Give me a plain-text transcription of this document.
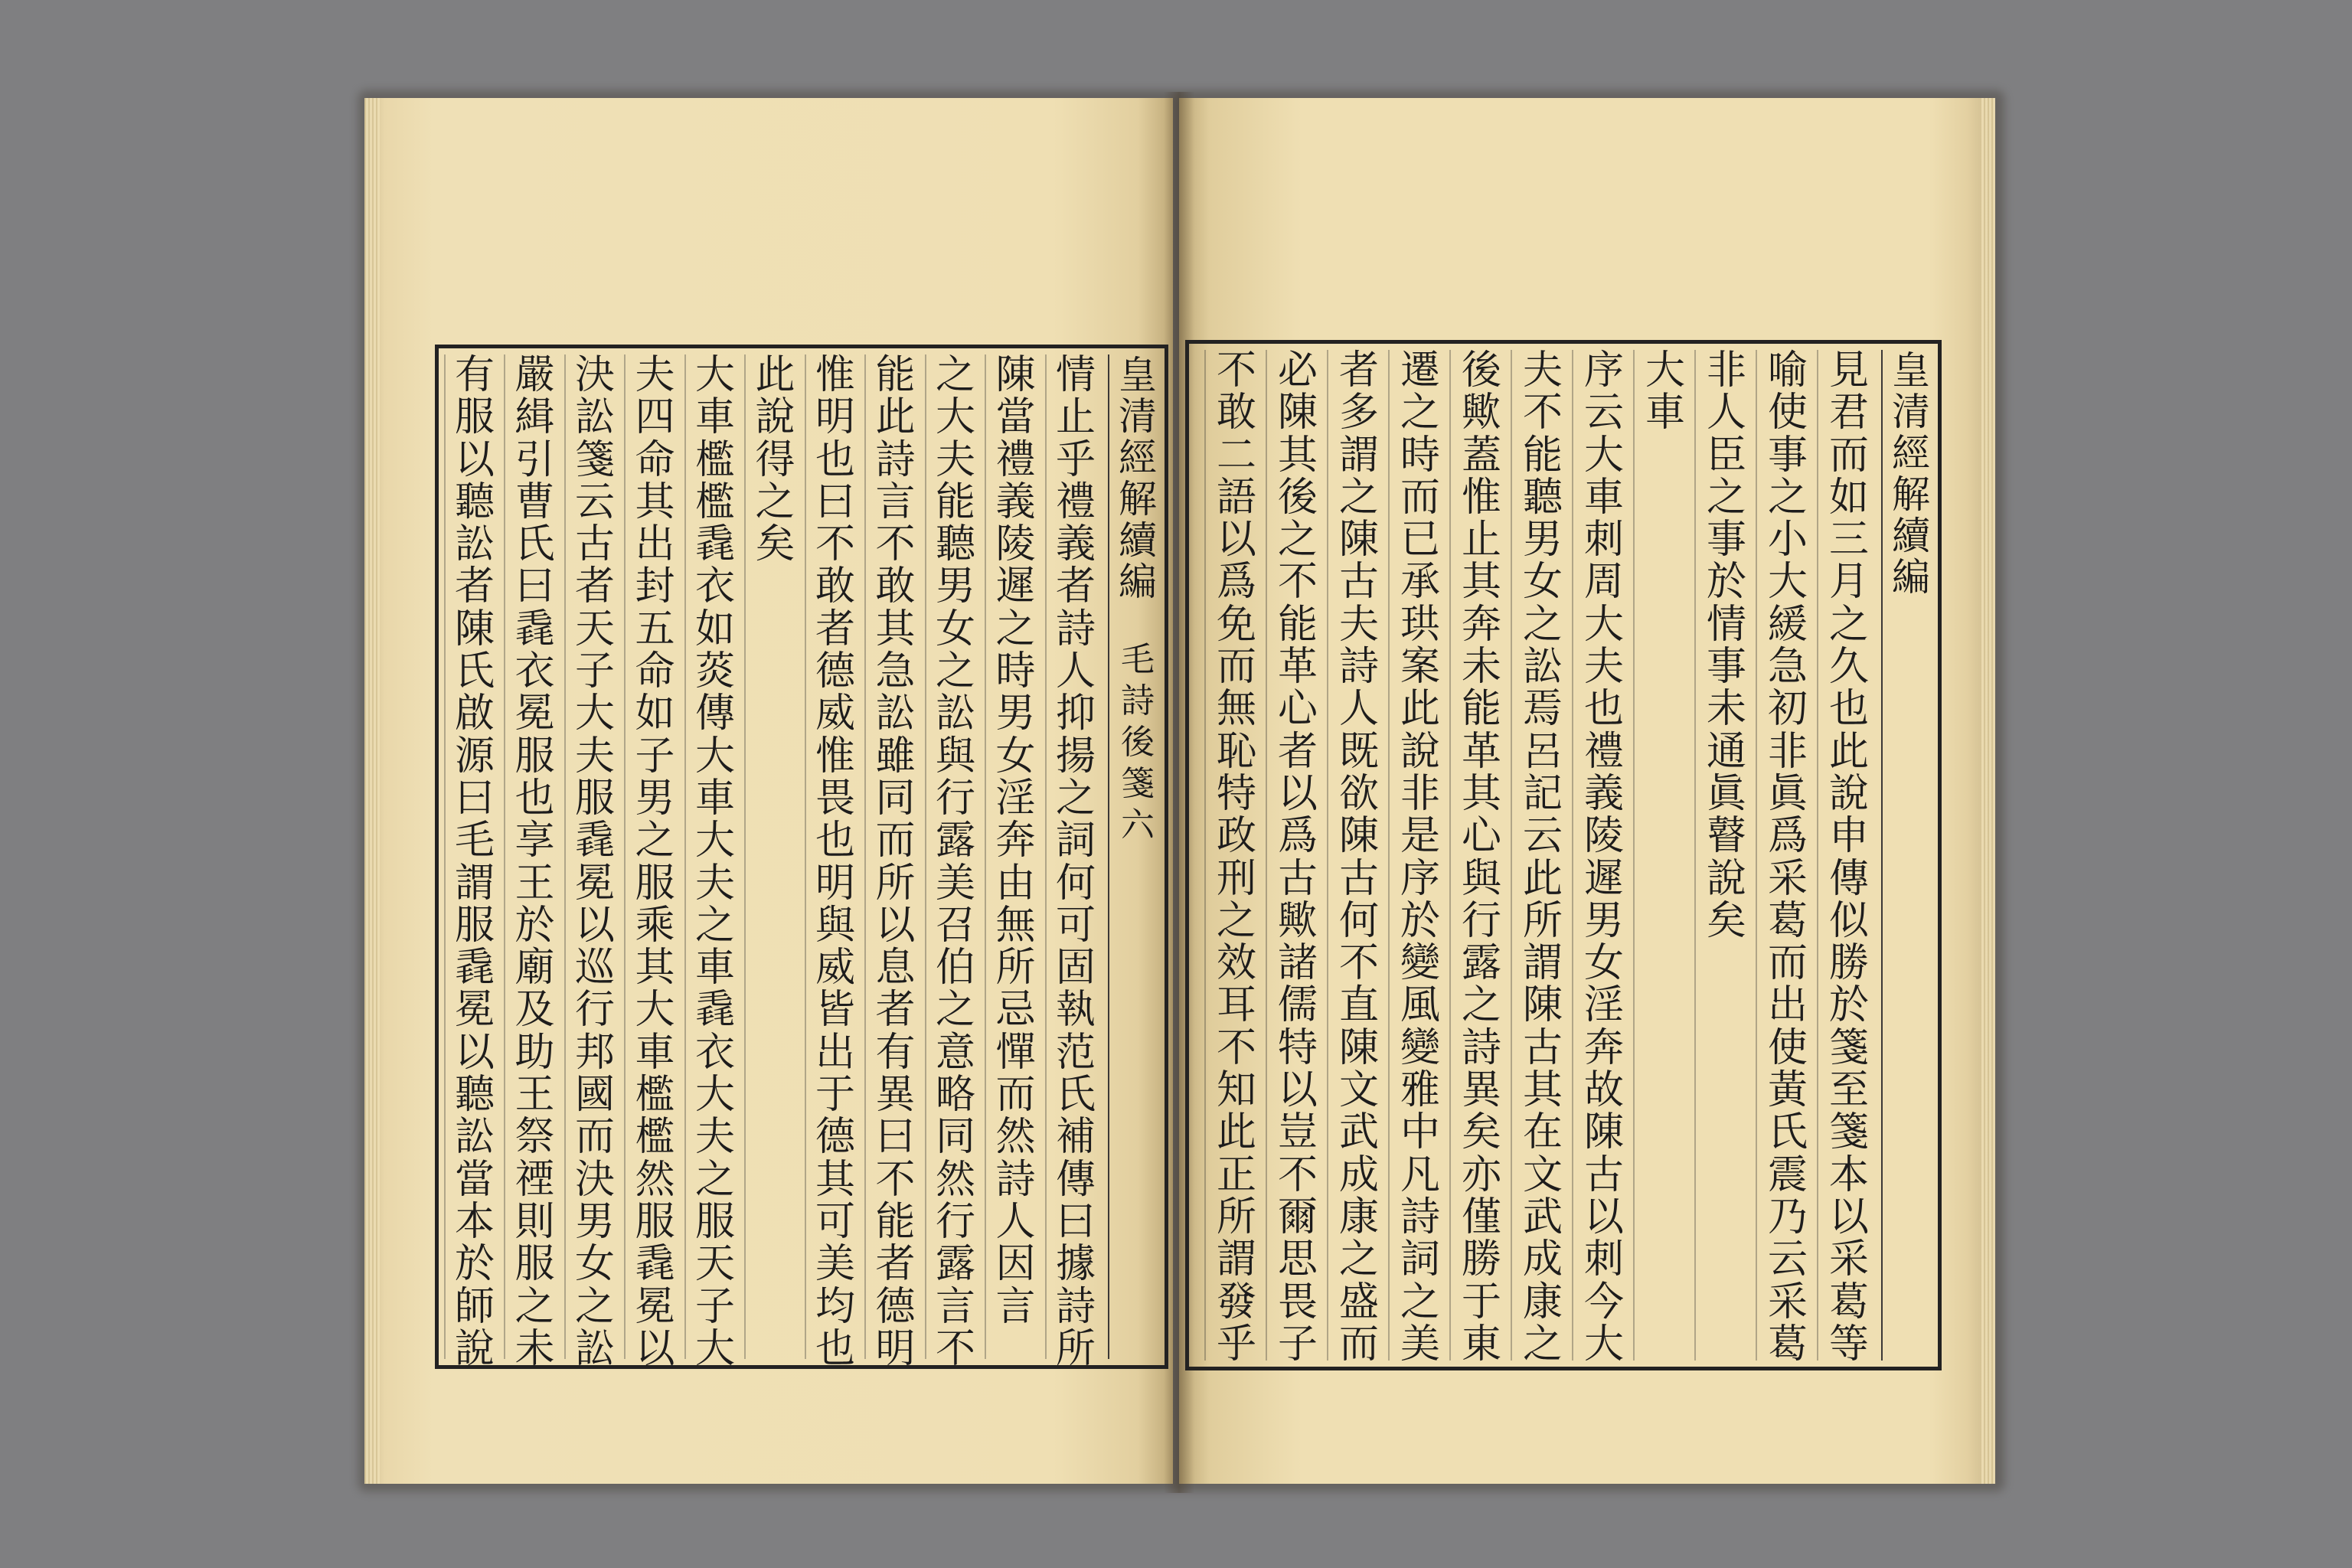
皇清經解續編
毛詩後箋六
情止乎禮義者詩人抑揚之詞何可固執范氏補傳曰據詩所
陳當禮義陵遲之時男女淫奔由無所忌憚而然詩人因言
之大夫能聽男女之訟與行露美召伯之意略同然行露言不
能此詩言不敢其急訟雖同而所以息者有異曰不能者德明
惟明也曰不敢者德威惟畏也明與威皆出于德其可美均也
此說得之矣
大車檻檻毳衣如菼傳大車大夫之車毳衣大夫之服天子大
夫四命其出封五命如子男之服乘其大車檻檻然服毳冕以
決訟箋云古者天子大夫服毳冕以巡行邦國而決男女之訟
嚴緝引曹氏曰毳衣冕服也享王於廟及助王祭禋則服之未
有服以聽訟者陳氏啟源曰毛謂服毳冕以聽訟當本於師說
皇清經解續編
見君而如三月之久也此說申傳似勝於箋至箋本以采葛等
喻使事之小大緩急初非眞爲采葛而出使黃氏震乃云采葛
非人臣之事於情事未通眞瞽說矣
大車
序云大車刺周大夫也禮義陵遲男女淫奔故陳古以刺今大
夫不能聽男女之訟焉呂記云此所謂陳古其在文武成康之
後歟蓋惟止其奔未能革其心與行露之詩異矣亦僅勝于東
遷之時而已承珙案此說非是序於變風變雅中凡詩詞之美
者多謂之陳古夫詩人既欲陳古何不直陳文武成康之盛而
必陳其後之不能革心者以爲古歟諸儒特以豈不爾思畏子
不敢二語以爲免而無恥特政刑之效耳不知此正所謂發乎
